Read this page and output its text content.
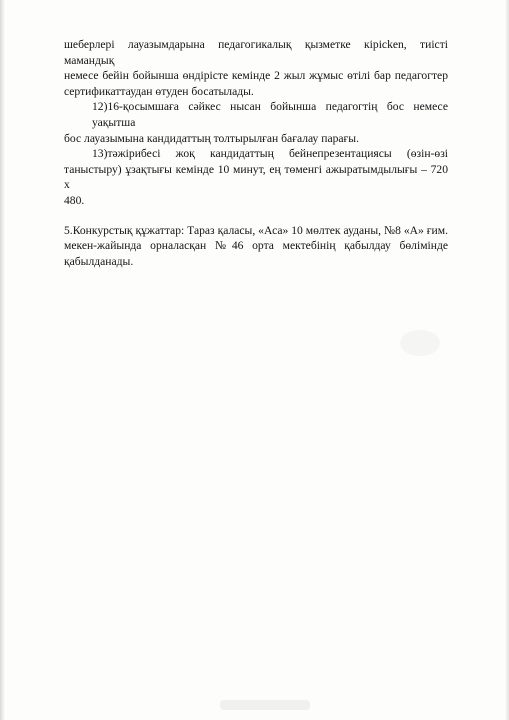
шеберлері лауазымдарына педагогикалық қызметке кірісken, тиісті мамандық
немесе бейін бойынша өндірісте кемінде 2 жыл жұмыс өтілі бар педагогтер
сертификаттаудан өтуден босатылады.

12)16-қосымшаға сәйкес нысан бойынша педагогтің бос немесе уақытша
бос лауазымына кандидаттың толтырылған бағалау парағы.

13)тәжірибесі жоқ кандидаттың бейнепрезентациясы (өзін-өзі
таныстыру) ұзақтығы кемінде 10 минут, ең төменгі ажыратымдылығы – 720 х
480.

5.Конкурстық құжаттар: Тараз қаласы, «Аса» 10 мөлтек ауданы, №8 «А» ғим.
мекен-жайында орналасқан №46 орта мектебінің қабылдау бөлімінде
қабылданады.
